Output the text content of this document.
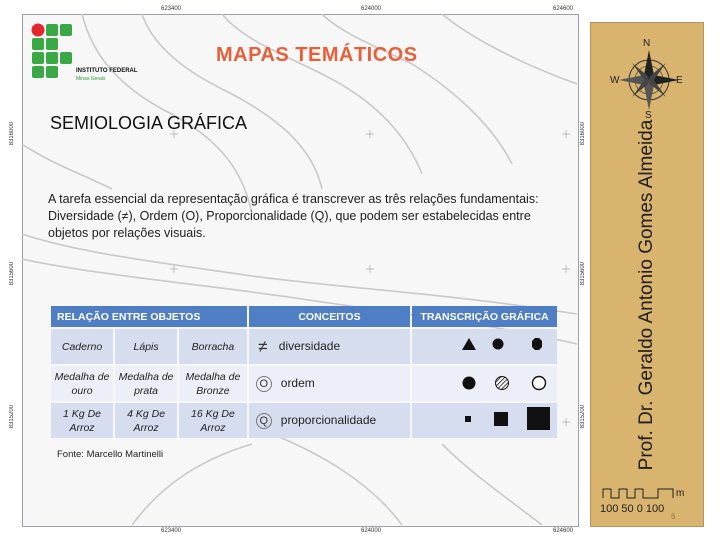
623400	624000	624600
623400	624000	624600
8316000
8315600
8315200
8316000
8315600
8315200
INSTITUTO FEDERAL
Minas Gerais
MAPAS TEMÁTICOS
SEMIOLOGIA GRÁFICA
A tarefa essencial da representação gráfica é transcrever as três relações fundamentais: Diversidade (≠), Ordem (O), Proporcionalidade (Q), que podem ser estabelecidas entre objetos por relações visuais.
RELAÇÃO ENTRE OBJETOS			CONCEITOS	TRANSCRIÇÃO GRÁFICA
Caderno	Lápis	Borracha	≠ diversidade	
Medalha de ouro	Medalha de prata	Medalha de Bronze	O ordem	
1 Kg De Arroz	4 Kg De Arroz	16 Kg De Arroz	Q proporcionalidade	
Fonte: Marcello Martinelli
N
S
E
W
Prof. Dr. Geraldo Antonio Gomes Almeida
m
100 50 0 100
6
